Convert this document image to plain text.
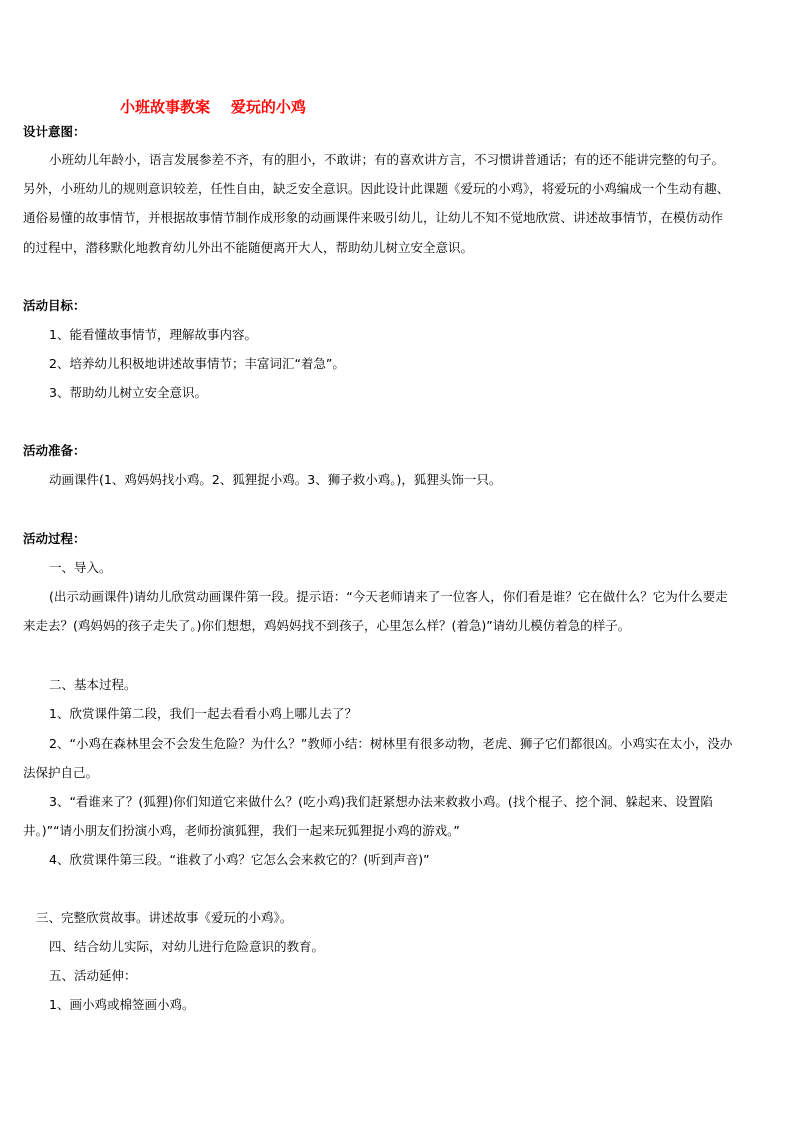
小班故事教案    爱玩的小鸡
设计意图：
小班幼儿年龄小，语言发展参差不齐，有的胆小，不敢讲；有的喜欢讲方言，不习惯讲普通话；有的还不能讲完整的句子。
另外，小班幼儿的规则意识较差，任性自由，缺乏安全意识。因此设计此课题《爱玩的小鸡》，将爱玩的小鸡编成一个生动有趣、
通俗易懂的故事情节，并根据故事情节制作成形象的动画课件来吸引幼儿，让幼儿不知不觉地欣赏、讲述故事情节，在模仿动作
的过程中，潜移默化地教育幼儿外出不能随便离开大人，帮助幼儿树立安全意识。
活动目标：
1、能看懂故事情节，理解故事内容。
2、培养幼儿积极地讲述故事情节；丰富词汇“着急”。
3、帮助幼儿树立安全意识。
活动准备：
动画课件(1、鸡妈妈找小鸡。2、狐狸捉小鸡。3、狮子救小鸡。)，狐狸头饰一只。
活动过程：
一、导入。
(出示动画课件)请幼儿欣赏动画课件第一段。提示语：“今天老师请来了一位客人，你们看是谁？它在做什么？它为什么要走
来走去？(鸡妈妈的孩子走失了。)你们想想，鸡妈妈找不到孩子，心里怎么样？(着急)”请幼儿模仿着急的样子。
二、基本过程。
1、欣赏课件第二段，我们一起去看看小鸡上哪儿去了？
2、“小鸡在森林里会不会发生危险？为什么？”教师小结：树林里有很多动物，老虎、狮子它们都很凶。小鸡实在太小，没办
法保护自己。
3、“看谁来了？(狐狸)你们知道它来做什么？(吃小鸡)我们赶紧想办法来救救小鸡。(找个棍子、挖个洞、躲起来、设置陷
井。)”“请小朋友们扮演小鸡，老师扮演狐狸，我们一起来玩狐狸捉小鸡的游戏。”
4、欣赏课件第三段。“谁救了小鸡？它怎么会来救它的？(听到声音)”
三、完整欣赏故事。讲述故事《爱玩的小鸡》。
四、结合幼儿实际，对幼儿进行危险意识的教育。
五、活动延伸：
1、画小鸡或棉签画小鸡。
